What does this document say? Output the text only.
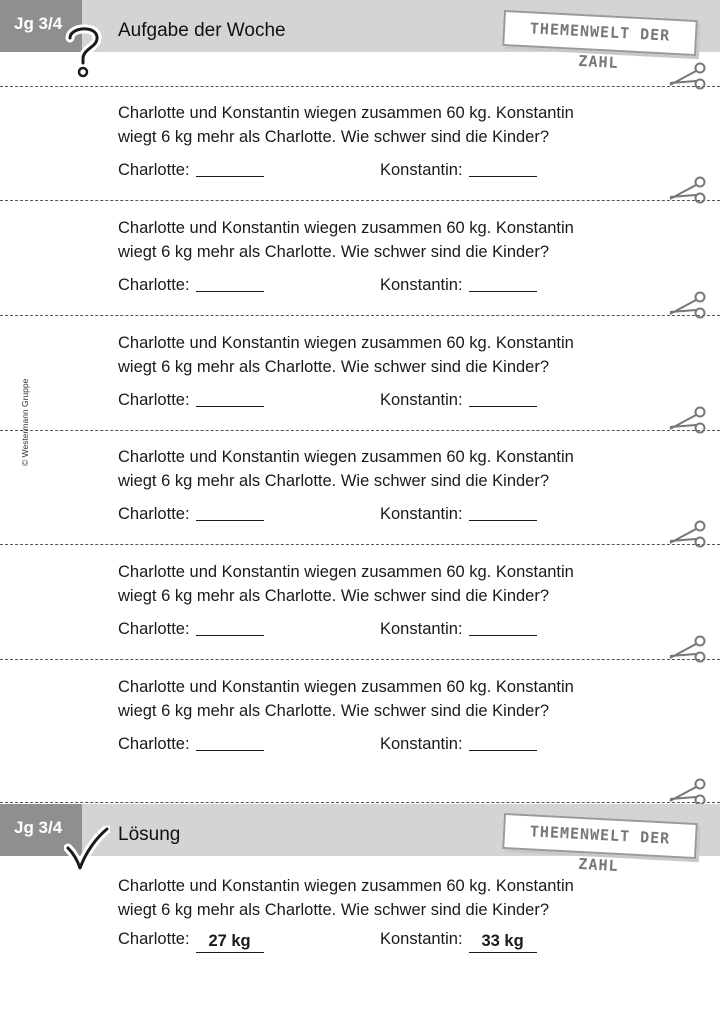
Jg 3/4	Aufgabe der Woche	THEMENWELT DER ZAHL
© Westermann Gruppe

Charlotte und Konstantin wiegen zusammen 60 kg. Konstantin

wiegt 6 kg mehr als Charlotte. Wie schwer sind die Kinder?

Charlotte:	Konstantin:

Charlotte und Konstantin wiegen zusammen 60 kg. Konstantin

wiegt 6 kg mehr als Charlotte. Wie schwer sind die Kinder?

Charlotte:	Konstantin:

Charlotte und Konstantin wiegen zusammen 60 kg. Konstantin

wiegt 6 kg mehr als Charlotte. Wie schwer sind die Kinder?

Charlotte:	Konstantin:

Charlotte und Konstantin wiegen zusammen 60 kg. Konstantin

wiegt 6 kg mehr als Charlotte. Wie schwer sind die Kinder?

Charlotte:	Konstantin:

Charlotte und Konstantin wiegen zusammen 60 kg. Konstantin

wiegt 6 kg mehr als Charlotte. Wie schwer sind die Kinder?

Charlotte:	Konstantin:

Charlotte und Konstantin wiegen zusammen 60 kg. Konstantin

wiegt 6 kg mehr als Charlotte. Wie schwer sind die Kinder?

Charlotte:	Konstantin:
Jg 3/4	Lösung	THEMENWELT DER ZAHL

Charlotte und Konstantin wiegen zusammen 60 kg. Konstantin

wiegt 6 kg mehr als Charlotte. Wie schwer sind die Kinder?

Charlotte: 27 kg	Konstantin: 33 kg
